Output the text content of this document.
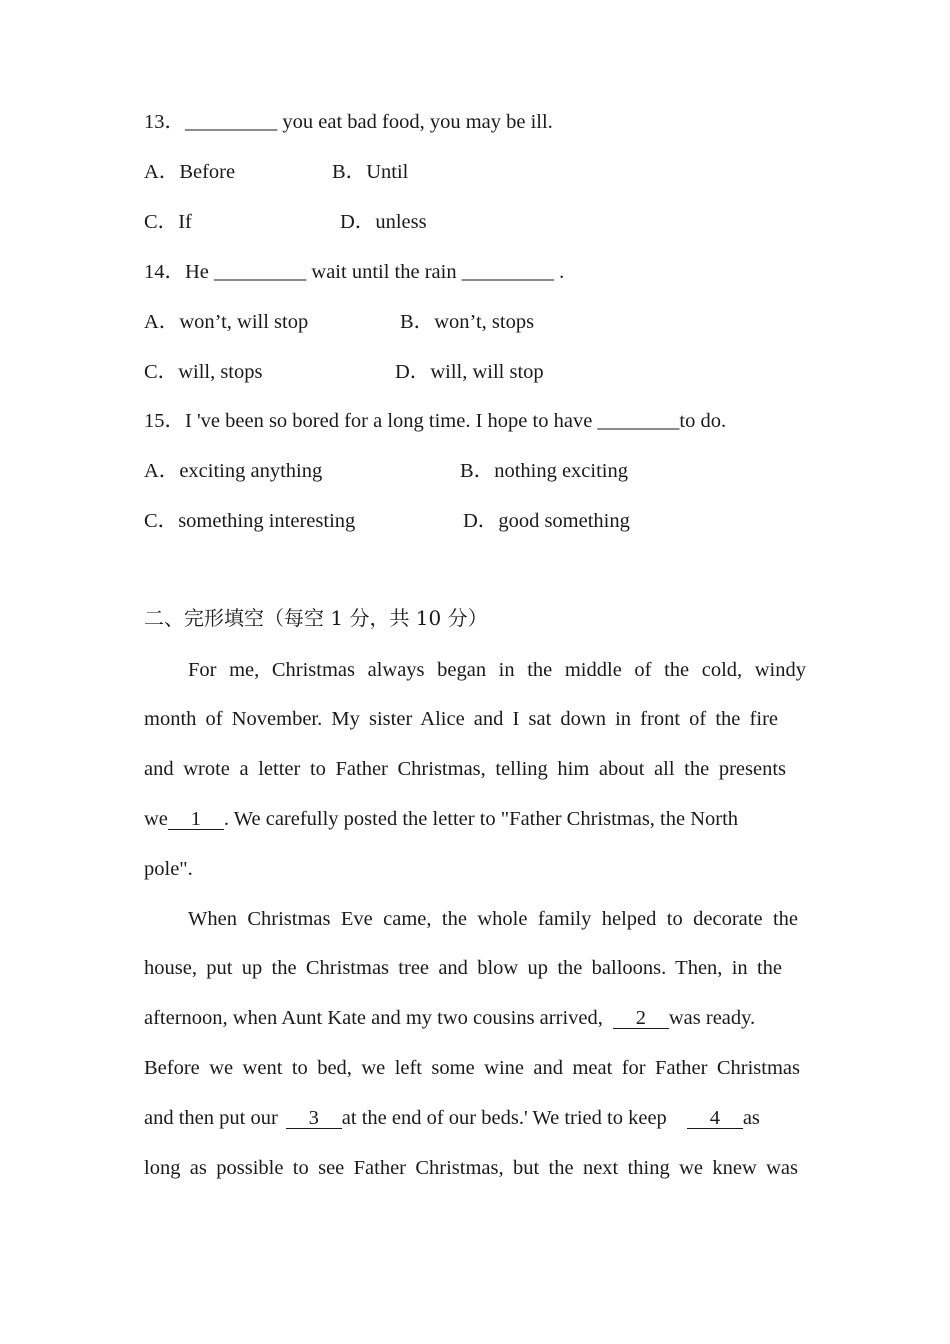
13．_________ you eat bad food, you may be ill.
A．Before	B．Until
C．If	D．unless
14．He _________ wait until the rain _________ .
A．won’t, will stop	B．won’t, stops
C．will, stops	D．will, will stop
15．I 've been so bored for a long time. I hope to have ________to do.
A．exciting anything	B．nothing exciting
C．something interesting	D．good something
二、完形填空（每空 1 分，共 10 分）
For me, Christmas always began in the middle of the cold, windy
month of November. My sister Alice and I sat down in front of the fire
and wrote a letter to Father Christmas, telling him about all the presents
we 1 . We carefully posted the letter to "Father Christmas, the North
pole".
When Christmas Eve came, the whole family helped to decorate the
house, put up the Christmas tree and blow up the balloons. Then, in the
afternoon, when Aunt Kate and my two cousins arrived, 2 was ready.
Before we went to bed, we left some wine and meat for Father Christmas
and then put our 3 at the end of our beds.' We tried to keep 4 as
long as possible to see Father Christmas, but the next thing we knew was
